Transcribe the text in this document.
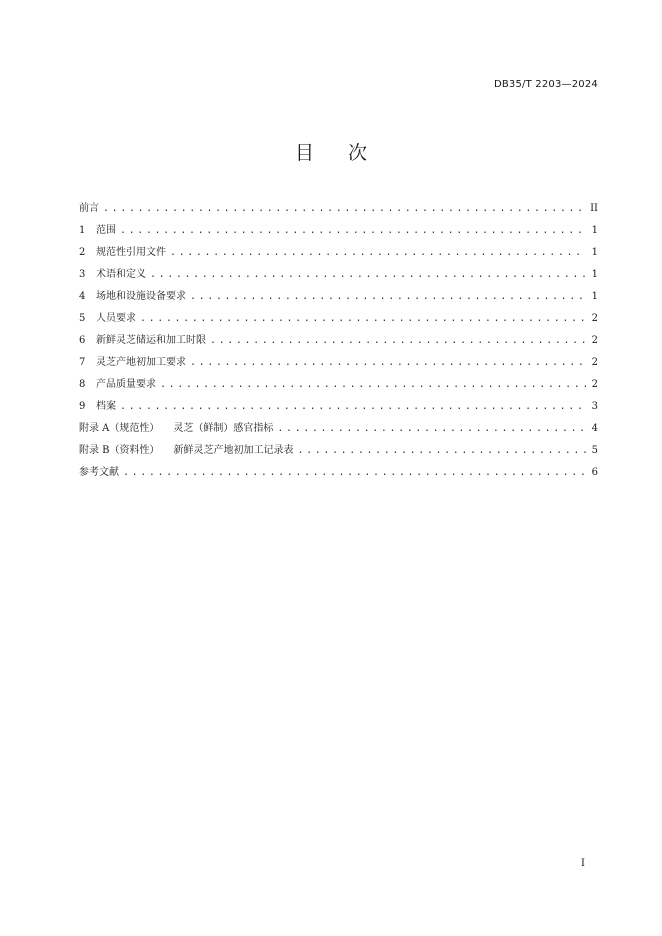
DB35/T 2203—2024
目次
前言 .....	II
1	范围 .....	1
2	规范性引用文件 .....	1
3	术语和定义 .....	1
4	场地和设施设备要求 .....	1
5	人员要求 .....	2
6	新鲜灵芝储运和加工时限 .....	2
7	灵芝产地初加工要求 .....	2
8	产品质量要求 .....	2
9	档案 .....	3
附录 A（规范性） 灵芝（鲜制）感官指标 .....	4
附录 B（资料性） 新鲜灵芝产地初加工记录表 .....	5
参考文献 .....	6
I
